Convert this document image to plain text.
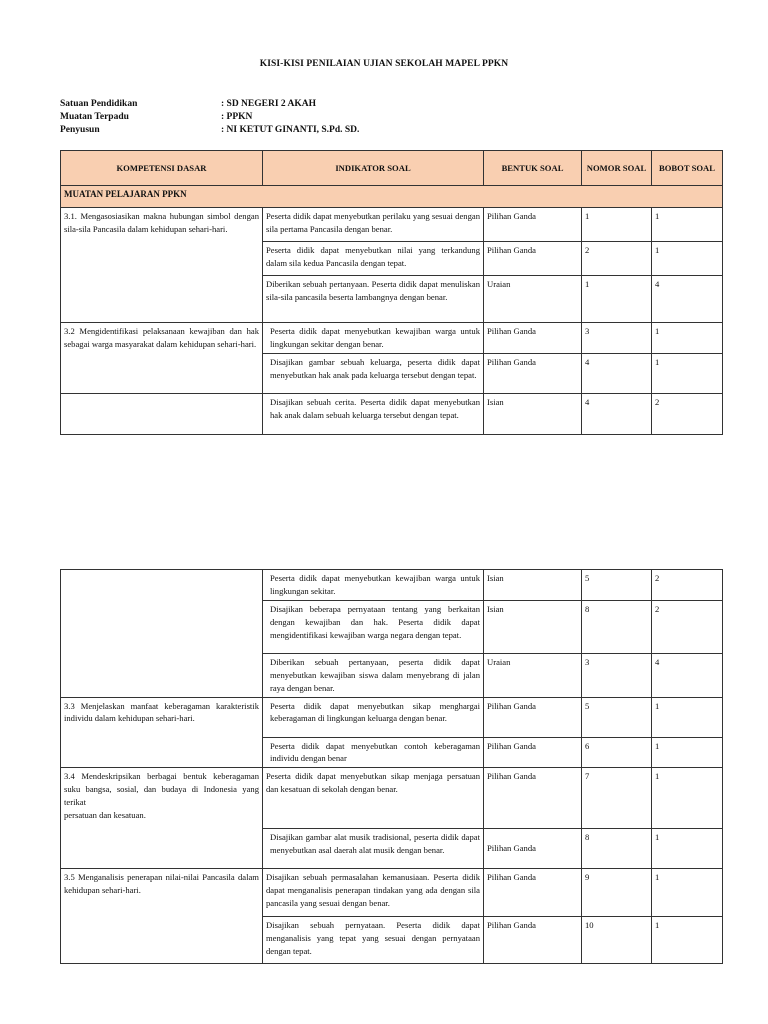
KISI-KISI PENILAIAN UJIAN SEKOLAH MAPEL PPKN
Satuan Pendidikan	: SD NEGERI 2 AKAH
Muatan Terpadu	: PPKN
Penyusun	: NI KETUT GINANTI, S.Pd. SD.
KOMPETENSI DASAR	INDIKATOR SOAL	BENTUK SOAL	NOMOR SOAL	BOBOT SOAL
MUATAN PELAJARAN PPKN				
3.1. Mengasosiasikan makna hubungan simbol dengan sila-sila Pancasila dalam kehidupan sehari-hari.	Peserta didik dapat menyebutkan perilaku yang sesuai dengan sila pertama Pancasila dengan benar.	Pilihan Ganda	1	1
	Peserta didik dapat menyebutkan nilai yang terkandung dalam sila kedua Pancasila dengan tepat.	Pilihan Ganda	2	1
	Diberikan sebuah pertanyaan. Peserta didik dapat menuliskan sila-sila pancasila beserta lambangnya dengan benar.	Uraian	1	4
3.2 Mengidentifikasi pelaksanaan kewajiban dan hak sebagai warga masyarakat dalam kehidupan sehari-hari.	Peserta didik dapat menyebutkan kewajiban warga untuk lingkungan sekitar dengan benar.	Pilihan Ganda	3	1
	Disajikan gambar sebuah keluarga, peserta didik dapat menyebutkan hak anak pada keluarga tersebut dengan tepat.	Pilihan Ganda	4	1
	Disajikan sebuah cerita. Peserta didik dapat menyebutkan hak anak dalam sebuah keluarga tersebut dengan tepat.	Isian	4	2
	Peserta didik dapat menyebutkan kewajiban warga untuk lingkungan sekitar.	Isian	5	2
	Disajikan beberapa pernyataan tentang yang berkaitan dengan kewajiban dan hak. Peserta didik dapat mengidentifikasi kewajiban warga negara dengan tepat.	Isian	8	2
	Diberikan sebuah pertanyaan, peserta didik dapat menyebutkan kewajiban siswa dalam menyebrang di jalan raya dengan benar.	Uraian	3	4
3.3 Menjelaskan manfaat keberagaman karakteristik individu dalam kehidupan sehari-hari.	Peserta didik dapat menyebutkan sikap menghargai keberagaman di lingkungan keluarga dengan benar.	Pilihan Ganda	5	1
	Peserta didik dapat menyebutkan contoh keberagaman individu dengan benar	Pilihan Ganda	6	1

3.4 Mendeskripsikan berbagai bentuk keberagaman suku bangsa, sosial, dan budaya di Indonesia yang terikat
persatuan dan kesatuan.	Peserta didik dapat menyebutkan sikap menjaga persatuan dan kesatuan di sekolah dengan benar.	Pilihan Ganda	7	1
	Disajikan gambar alat musik tradisional, peserta didik dapat menyebutkan asal daerah alat musik dengan benar.	Pilihan Ganda	8	1
3.5 Menganalisis penerapan nilai-nilai Pancasila dalam kehidupan sehari-hari.	Disajikan sebuah permasalahan kemanusiaan. Peserta didik dapat menganalisis penerapan tindakan yang ada dengan sila pancasila yang sesuai dengan benar.	Pilihan Ganda	9	1
	Disajikan sebuah pernyataan. Peserta didik dapat menganalisis yang tepat yang sesuai dengan pernyataan dengan tepat.	Pilihan Ganda	10	1
